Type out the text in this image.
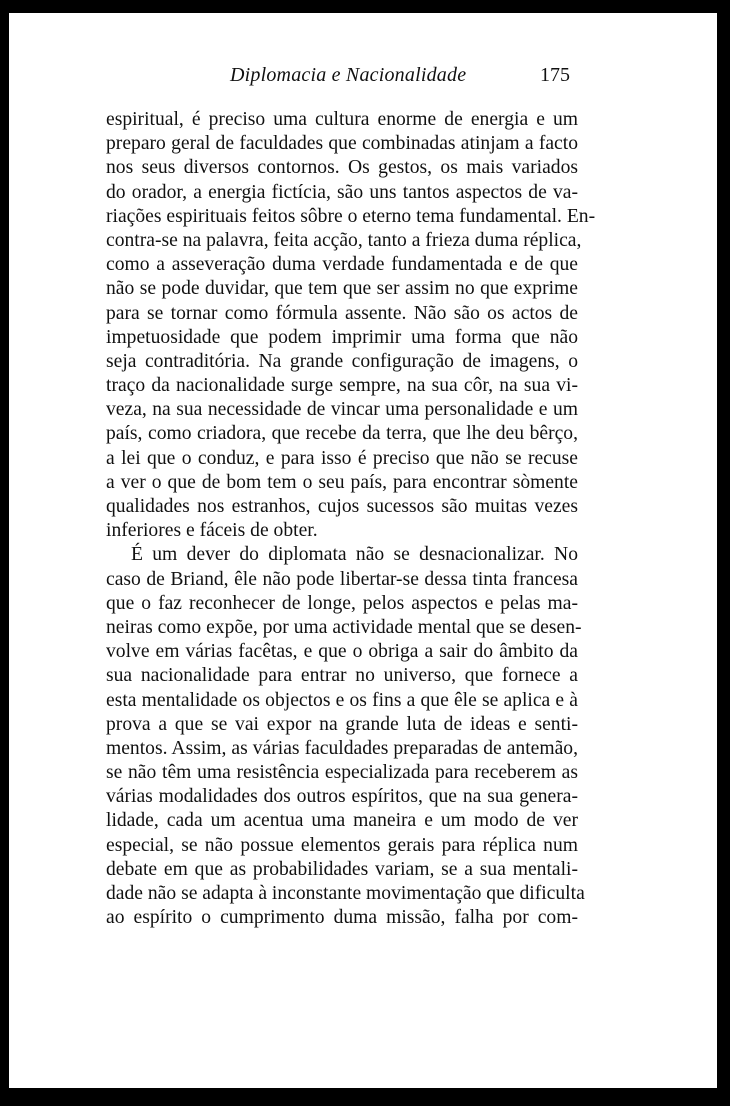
Diplomacia e Nacionalidade	175
espiritual, é preciso uma cultura enorme de energia e um
preparo geral de faculdades que combinadas atinjam a facto
nos seus diversos contornos. Os gestos, os mais variados
do orador, a energia fictícia, são uns tantos aspectos de va-
riações espirituais feitos sôbre o eterno tema fundamental. En-
contra-se na palavra, feita acção, tanto a frieza duma réplica,
como a asseveração duma verdade fundamentada e de que
não se pode duvidar, que tem que ser assim no que exprime
para se tornar como fórmula assente. Não são os actos de
impetuosidade que podem imprimir uma forma que não
seja contraditória. Na grande configuração de imagens, o
traço da nacionalidade surge sempre, na sua côr, na sua vi-
veza, na sua necessidade de vincar uma personalidade e um
país, como criadora, que recebe da terra, que lhe deu bêrço,
a lei que o conduz, e para isso é preciso que não se recuse
a ver o que de bom tem o seu país, para encontrar sòmente
qualidades nos estranhos, cujos sucessos são muitas vezes
inferiores e fáceis de obter.
É um dever do diplomata não se desnacionalizar. No
caso de Briand, êle não pode libertar-se dessa tinta francesa
que o faz reconhecer de longe, pelos aspectos e pelas ma-
neiras como expõe, por uma actividade mental que se desen-
volve em várias facêtas, e que o obriga a sair do âmbito da
sua nacionalidade para entrar no universo, que fornece a
esta mentalidade os objectos e os fins a que êle se aplica e à
prova a que se vai expor na grande luta de ideas e senti-
mentos. Assim, as várias faculdades preparadas de antemão,
se não têm uma resistência especializada para receberem as
várias modalidades dos outros espíritos, que na sua genera-
lidade, cada um acentua uma maneira e um modo de ver
especial, se não possue elementos gerais para réplica num
debate em que as probabilidades variam, se a sua mentali-
dade não se adapta à inconstante movimentação que dificulta
ao espírito o cumprimento duma missão, falha por com-
